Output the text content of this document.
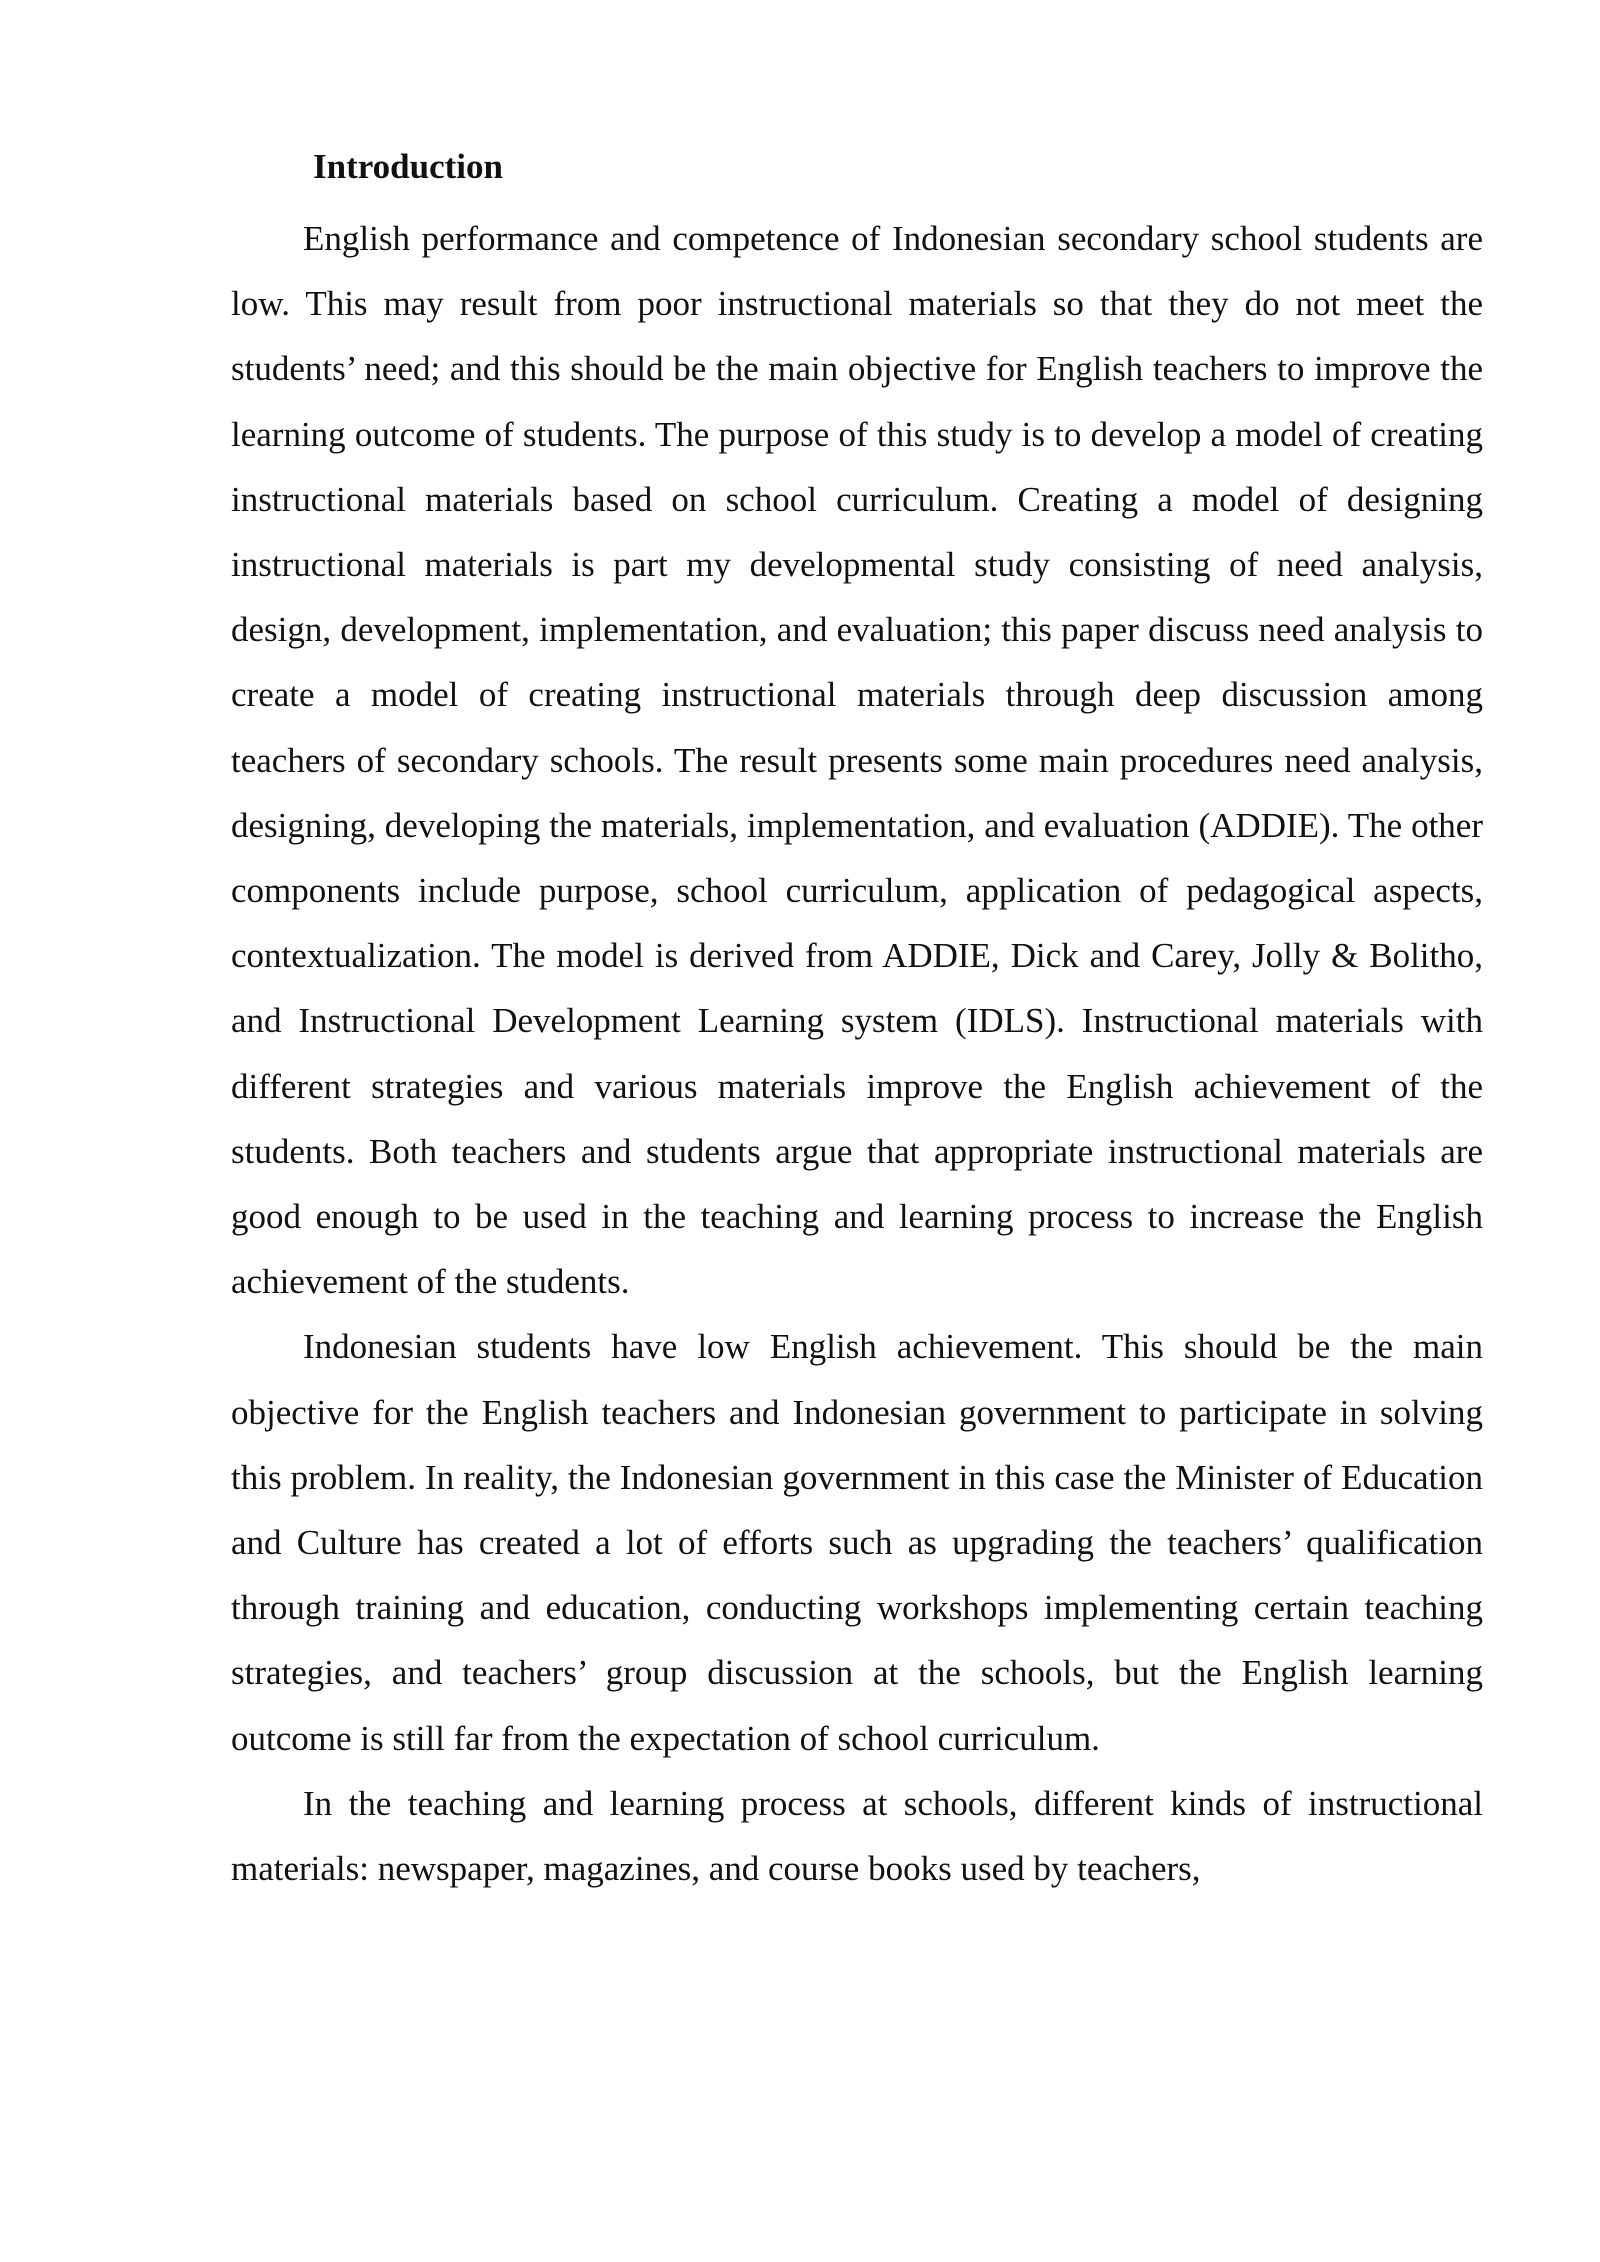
Introduction

English performance and competence of Indonesian secondary school students are low. This may result from poor instructional materials so that they do not meet the students’ need; and this should be the main objective for English teachers to improve the learning outcome of students. The purpose of this study is to develop a model of creating instructional materials based on school curriculum. Creating a model of designing instructional materials is part my developmental study consisting of need analysis, design, development, implementation, and evaluation; this paper discuss need analysis to create a model of creating instructional materials through deep discussion among teachers of secondary schools. The result presents some main procedures need analysis, designing, developing the materials, implementation, and evaluation (ADDIE). The other components include purpose, school curriculum, application of pedagogical aspects, contextualization. The model is derived from ADDIE, Dick and Carey, Jolly & Bolitho, and Instructional Development Learning system (IDLS). Instructional materials with different strategies and various materials improve the English achievement of the students. Both teachers and students argue that appropriate instructional materials are good enough to be used in the teaching and learning process to increase the English achievement of the students.

Indonesian students have low English achievement. This should be the main objective for the English teachers and Indonesian government to participate in solving this problem. In reality, the Indonesian government in this case the Minister of Education and Culture has created a lot of efforts such as upgrading the teachers’ qualification through training and education, conducting workshops implementing certain teaching strategies, and teachers’ group discussion at the schools, but the English learning outcome is still far from the expectation of school curriculum.

In the teaching and learning process at schools, different kinds of instructional materials: newspaper, magazines, and course books used by teachers,
